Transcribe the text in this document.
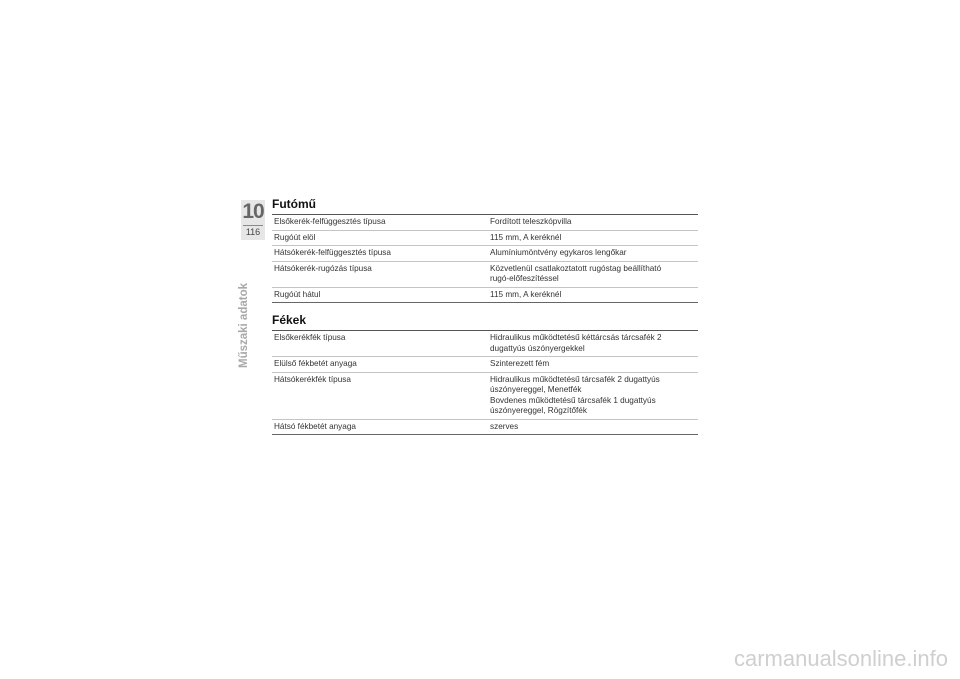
10
116
Műszaki adatok
Futómű
Elsőkerék-felfüggesztés típusa	Fordított teleszkópvilla
Rugóút elöl	115 mm, A keréknél
Hátsókerék-felfüggesztés típusa	Alumíniumöntvény egykaros lengőkar
Hátsókerék-rugózás típusa	Közvetlenül csatlakoztatott rugóstag beállítható
rugó-előfeszítéssel
Rugóút hátul	115 mm, A keréknél
Fékek
Elsőkerékfék típusa	Hidraulikus működtetésű kéttárcsás tárcsafék 2
dugattyús úszónyergekkel
Elülső fékbetét anyaga	Szinterezett fém
Hátsókerékfék típusa	Hidraulikus működtetésű tárcsafék 2 dugattyús
úszónyereggel, Menetfék
Bovdenes működtetésű tárcsafék 1 dugattyús
úszónyereggel, Rögzítőfék
Hátsó fékbetét anyaga	szerves
carmanualsonline.info
